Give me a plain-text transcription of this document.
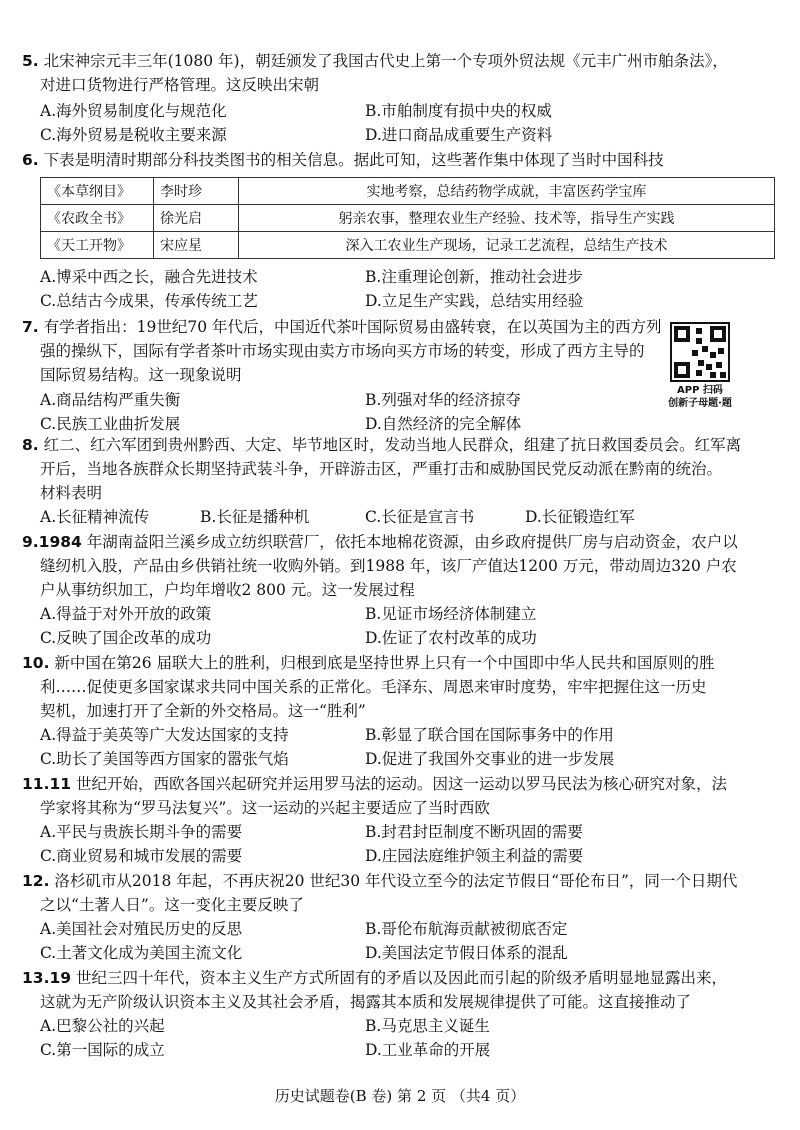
5. 北宋神宗元丰三年(1080 年)，朝廷颁发了我国古代史上第一个专项外贸法规《元丰广州市舶条法》，
对进口货物进行严格管理。这反映出宋朝
A.海外贸易制度化与规范化	B.市舶制度有损中央的权威
C.海外贸易是税收主要来源	D.进口商品成重要生产资料
6. 下表是明清时期部分科技类图书的相关信息。据此可知，这些著作集中体现了当时中国科技
《本草纲目》	李时珍	实地考察，总结药物学成就，丰富医药学宝库
《农政全书》	徐光启	躬亲农事，整理农业生产经验、技术等，指导生产实践
《天工开物》	宋应星	深入工农业生产现场，记录工艺流程，总结生产技术
A.博采中西之长，融合先进技术	B.注重理论创新，推动社会进步
C.总结古今成果，传承传统工艺	D.立足生产实践，总结实用经验
7. 有学者指出：19世纪70 年代后，中国近代茶叶国际贸易由盛转衰，在以英国为主的西方列
强的操纵下，国际有学者茶叶市场实现由卖方市场向买方市场的转变，形成了西方主导的
国际贸易结构。这一现象说明
A.商品结构严重失衡	B.列强对华的经济掠夺
C.民族工业曲折发展	D.自然经济的完全解体
APP 扫码
创新子母题·题
8. 红二、红六军团到贵州黔西、大定、毕节地区时，发动当地人民群众，组建了抗日救国委员会。红军离
开后，当地各族群众长期坚持武装斗争，开辟游击区，严重打击和威胁国民党反动派在黔南的统治。
材料表明
A.长征精神流传	B.长征是播种机	C.长征是宣言书	D.长征锻造红军
9.1984 年湖南益阳兰溪乡成立纺织联营厂，依托本地棉花资源，由乡政府提供厂房与启动资金，农户以
缝纫机入股，产品由乡供销社统一收购外销。到1988 年，该厂产值达1200 万元，带动周边320 户农
户从事纺织加工，户均年增收2 800 元。这一发展过程
A.得益于对外开放的政策	B.见证市场经济体制建立
C.反映了国企改革的成功	D.佐证了农村改革的成功
10. 新中国在第26 届联大上的胜利，归根到底是坚持世界上只有一个中国即中华人民共和国原则的胜
利……促使更多国家谋求共同中国关系的正常化。毛泽东、周恩来审时度势，牢牢把握住这一历史
契机，加速打开了全新的外交格局。这一“胜利”
A.得益于美英等广大发达国家的支持	B.彰显了联合国在国际事务中的作用
C.助长了美国等西方国家的嚣张气焰	D.促进了我国外交事业的进一步发展
11.11 世纪开始，西欧各国兴起研究并运用罗马法的运动。因这一运动以罗马民法为核心研究对象，法
学家将其称为“罗马法复兴”。这一运动的兴起主要适应了当时西欧
A.平民与贵族长期斗争的需要	B.封君封臣制度不断巩固的需要
C.商业贸易和城市发展的需要	D.庄园法庭维护领主利益的需要
12. 洛杉矶市从2018 年起，不再庆祝20 世纪30 年代设立至今的法定节假日“哥伦布日”，同一个日期代
之以“土著人日”。这一变化主要反映了
A.美国社会对殖民历史的反思	B.哥伦布航海贡献被彻底否定
C.土著文化成为美国主流文化	D.美国法定节假日体系的混乱
13.19 世纪三四十年代，资本主义生产方式所固有的矛盾以及因此而引起的阶级矛盾明显地显露出来，
这就为无产阶级认识资本主义及其社会矛盾，揭露其本质和发展规律提供了可能。这直接推动了
A.巴黎公社的兴起	B.马克思主义诞生
C.第一国际的成立	D.工业革命的开展
历史试题卷(B 卷) 第 2 页 （共4 页）
